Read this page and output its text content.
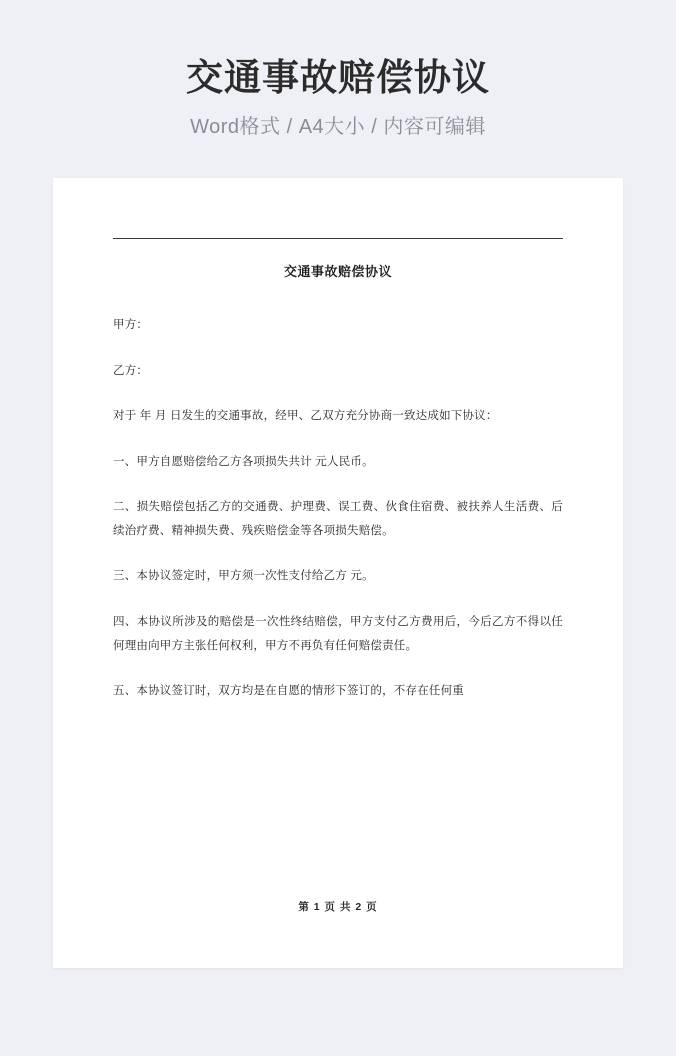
交通事故赔偿协议
Word格式 / A4大小 / 内容可编辑
交通事故赔偿协议

甲方：

乙方：

对于 年 月 日发生的交通事故，经甲、乙双方充分协商一致达成如下协议：

一、甲方自愿赔偿给乙方各项损失共计 元人民币。

二、损失赔偿包括乙方的交通费、护理费、误工费、伙食住宿费、被扶养人生活费、后续治疗费、精神损失费、残疾赔偿金等各项损失赔偿。

三、本协议签定时，甲方须一次性支付给乙方 元。

四、本协议所涉及的赔偿是一次性终结赔偿，甲方支付乙方费用后，今后乙方不得以任何理由向甲方主张任何权利，甲方不再负有任何赔偿责任。

五、本协议签订时，双方均是在自愿的情形下签订的，不存在任何重

第 1 页 共 2 页
